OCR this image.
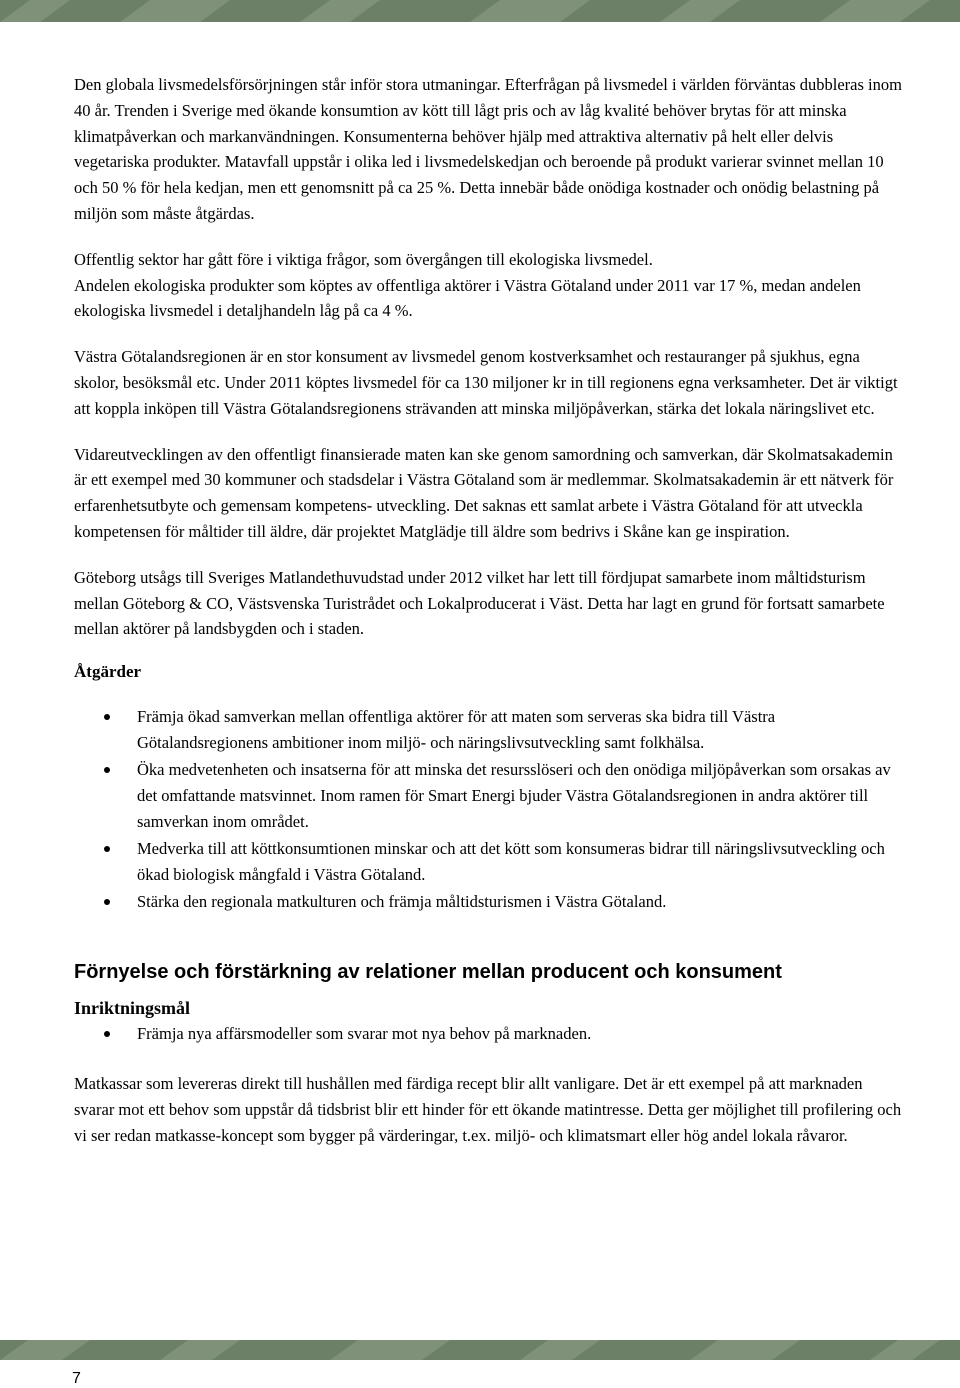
Den globala livsmedelsförsörjningen står inför stora utmaningar. Efterfrågan på livsmedel i världen förväntas dubbleras inom 40 år. Trenden i Sverige med ökande konsumtion av kött till lågt pris och av låg kvalité behöver brytas för att minska klimatpåverkan och markanvändningen. Konsumenterna behöver hjälp med attraktiva alternativ på helt eller delvis vegetariska produkter. Matavfall uppstår i olika led i livsmedelskedjan och beroende på produkt varierar svinnet mellan 10 och 50 % för hela kedjan, men ett genomsnitt på ca 25 %. Detta innebär både onödiga kostnader och onödig belastning på miljön som måste åtgärdas.

Offentlig sektor har gått före i viktiga frågor, som övergången till ekologiska livsmedel.

Andelen ekologiska produkter som köptes av offentliga aktörer i Västra Götaland under 2011 var 17 %, medan andelen ekologiska livsmedel i detaljhandeln låg på ca 4 %.

Västra Götalandsregionen är en stor konsument av livsmedel genom kostverksamhet och restauranger på sjukhus, egna skolor, besöksmål etc. Under 2011 köptes livsmedel för ca 130 miljoner kr in till regionens egna verksamheter. Det är viktigt att koppla inköpen till Västra Götalandsregionens strävanden att minska miljöpåverkan, stärka det lokala näringslivet etc.

Vidareutvecklingen av den offentligt finansierade maten kan ske genom samordning och samverkan, där Skolmatsakademin är ett exempel med 30 kommuner och stadsdelar i Västra Götaland som är medlemmar. Skolmatsakademin är ett nätverk för erfarenhetsutbyte och gemensam kompetens- utveckling. Det saknas ett samlat arbete i Västra Götaland för att utveckla kompetensen för måltider till äldre, där projektet Matglädje till äldre som bedrivs i Skåne kan ge inspiration.

Göteborg utsågs till Sveriges Matlandethuvudstad under 2012 vilket har lett till fördjupat samarbete inom måltidsturism mellan Göteborg & CO, Västsvenska Turistrådet och Lokalproducerat i Väst. Detta har lagt en grund för fortsatt samarbete mellan aktörer på landsbygden och i staden.

Åtgärder
Främja ökad samverkan mellan offentliga aktörer för att maten som serveras ska bidra till Västra Götalandsregionens ambitioner inom miljö- och näringslivsutveckling samt folkhälsa.
Öka medvetenheten och insatserna för att minska det resursslöseri och den onödiga miljöpåverkan som orsakas av det omfattande matsvinnet. Inom ramen för Smart Energi bjuder Västra Götalandsregionen in andra aktörer till samverkan inom området.
Medverka till att köttkonsumtionen minskar och att det kött som konsumeras bidrar till näringslivsutveckling och ökad biologisk mångfald i Västra Götaland.
Stärka den regionala matkulturen och främja måltidsturismen i Västra Götaland.
Förnyelse och förstärkning av relationer mellan producent och konsument
Inriktningsmål
Främja nya affärsmodeller som svarar mot nya behov på marknaden.

Matkassar som levereras direkt till hushållen med färdiga recept blir allt vanligare. Det är ett exempel på att marknaden svarar mot ett behov som uppstår då tidsbrist blir ett hinder för ett ökande matintresse. Detta ger möjlighet till profilering och vi ser redan matkasse-koncept som bygger på värderingar, t.ex. miljö- och klimatsmart eller hög andel lokala råvaror.

7
